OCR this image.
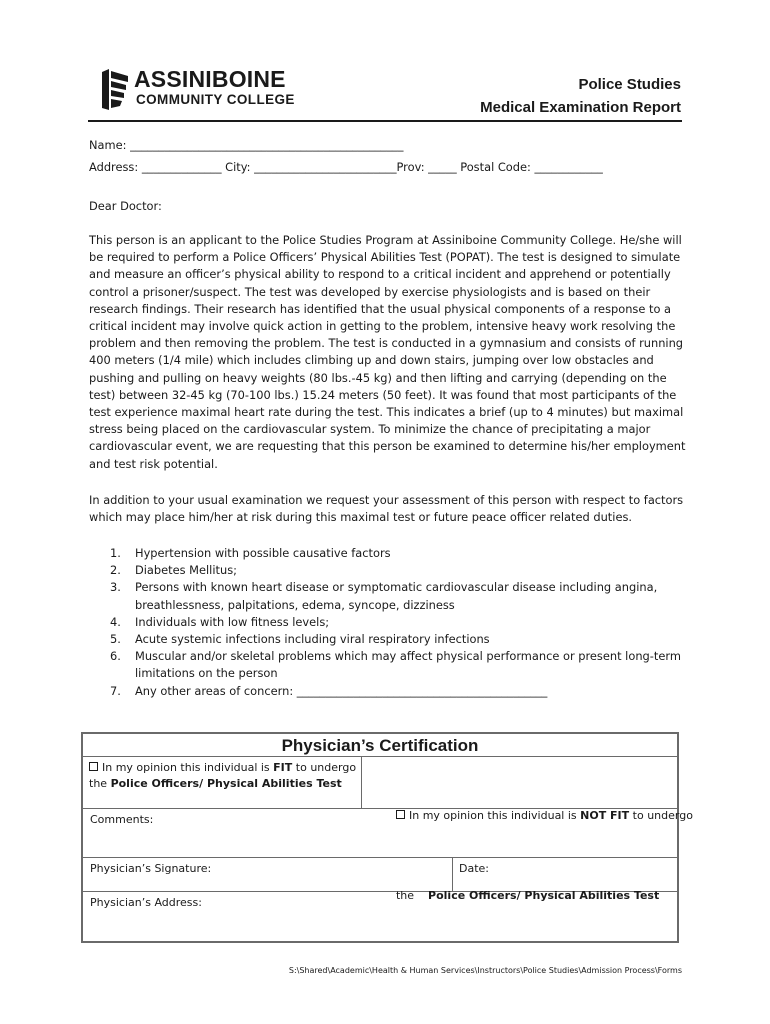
ASSINIBOINE
COMMUNITY COLLEGE
Police Studies
Medical Examination Report
Name: ________________________________________________
Address: ______________ City: _________________________Prov: _____ Postal Code: ____________
Dear Doctor:
This person is an applicant to the Police Studies Program at Assiniboine Community College. He/she will
be required to perform a Police Officers’ Physical Abilities Test (POPAT). The test is designed to simulate
and measure an officer’s physical ability to respond to a critical incident and apprehend or potentially
control a prisoner/suspect. The test was developed by exercise physiologists and is based on their
research findings. Their research has identified that the usual physical components of a response to a
critical incident may involve quick action in getting to the problem, intensive heavy work resolving the
problem and then removing the problem. The test is conducted in a gymnasium and consists of running
400 meters (1/4 mile) which includes climbing up and down stairs, jumping over low obstacles and
pushing and pulling on heavy weights (80 lbs.-45 kg) and then lifting and carrying (depending on the
test) between 32-45 kg (70-100 lbs.) 15.24 meters (50 feet). It was found that most participants of the
test experience maximal heart rate during the test. This indicates a brief (up to 4 minutes) but maximal
stress being placed on the cardiovascular system. To minimize the chance of precipitating a major
cardiovascular event, we are requesting that this person be examined to determine his/her employment
and test risk potential.
In addition to your usual examination we request your assessment of this person with respect to factors
which may place him/her at risk during this maximal test or future peace officer related duties.
1.	Hypertension with possible causative factors
2.	Diabetes Mellitus;
3.	Persons with known heart disease or symptomatic cardiovascular disease including angina,
breathlessness, palpitations, edema, syncope, dizziness
4.	Individuals with low fitness levels;
5.	Acute systemic infections including viral respiratory infections
6.	Muscular and/or skeletal problems which may affect physical performance or present long-term
limitations on the person
7.	Any other areas of concern: ____________________________________________
Physician’s Certification
In my opinion this individual is FIT to undergo
the Police Officers/ Physical Abilities Test

In my opinion this individual is NOT FIT to undergo

the    Police Officers/ Physical Abilities Test

Comments:
Physician’s Signature:	Date:
Physician’s Address:
S:\Shared\Academic\Health & Human Services\Instructors\Police Studies\Admission Process\Forms
